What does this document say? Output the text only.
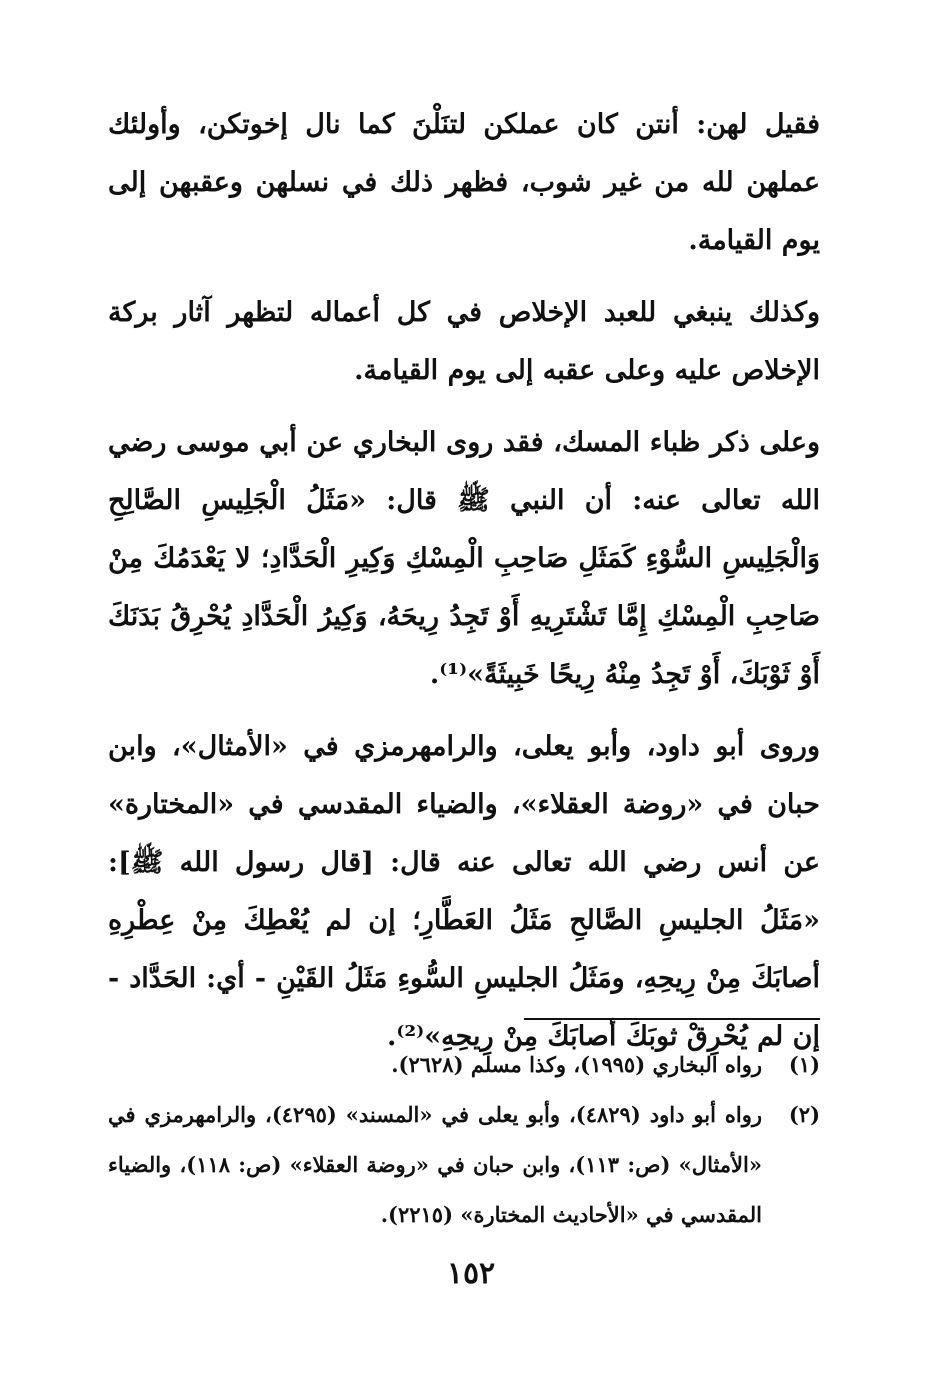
فقيل لهن: أنتن كان عملكن لتنَلْنَ كما نال إخوتكن، وأولئك عملهن لله من غير شوب، فظهر ذلك في نسلهن وعقبهن إلى يوم القيامة.

وكذلك ينبغي للعبد الإخلاص في كل أعماله لتظهر آثار بركة الإخلاص عليه وعلى عقبه إلى يوم القيامة.

وعلى ذكر ظباء المسك، فقد روى البخاري عن أبي موسى رضي الله تعالى عنه: أن النبي ﷺ قال: «مَثَلُ الْجَلِيسِ الصَّالِحِ وَالْجَلِيسِ السُّوْءِ كَمَثَلِ صَاحِبِ الْمِسْكِ وَكِيرِ الْحَدَّادِ؛ لا يَعْدَمُكَ مِنْ صَاحِبِ الْمِسْكِ إِمَّا تَشْتَرِيهِ أَوْ تَجِدُ رِيحَهُ، وَكِيرُ الْحَدَّادِ يُحْرِقُ بَدَنَكَ أَوْ ثَوْبَكَ، أَوْ تَجِدُ مِنْهُ رِيحًا خَبِيثَةً»⁽¹⁾.

وروى أبو داود، وأبو يعلى، والرامهرمزي في «الأمثال»، وابن حبان في «روضة العقلاء»، والضياء المقدسي في «المختارة» عن أنس رضي الله تعالى عنه قال: [قال رسول الله ﷺ]: «مَثَلُ الجليسِ الصَّالحِ مَثَلُ العَطَّارِ؛ إن لم يُعْطِكَ مِنْ عِطْرِهِ أصابَكَ مِنْ رِيحِهِ، ومَثَلُ الجليسِ السُّوءِ مَثَلُ القَيْنِ - أي: الحَدَّاد - إن لم يُحْرِقْ ثوبَكَ أصابَكَ مِنْ رِيحِهِ»⁽²⁾.

(١)
رواه البخاري (١٩٩٥)، وكذا مسلم (٢٦٢٨).

(٢)
رواه أبو داود (٤٨٢٩)، وأبو يعلى في «المسند» (٤٢٩٥)، والرامهرمزي في «الأمثال» (ص: ١١٣)، وابن حبان في «روضة العقلاء» (ص: ١١٨)، والضياء المقدسي في «الأحاديث المختارة» (٢٢١٥).

١٥٢
